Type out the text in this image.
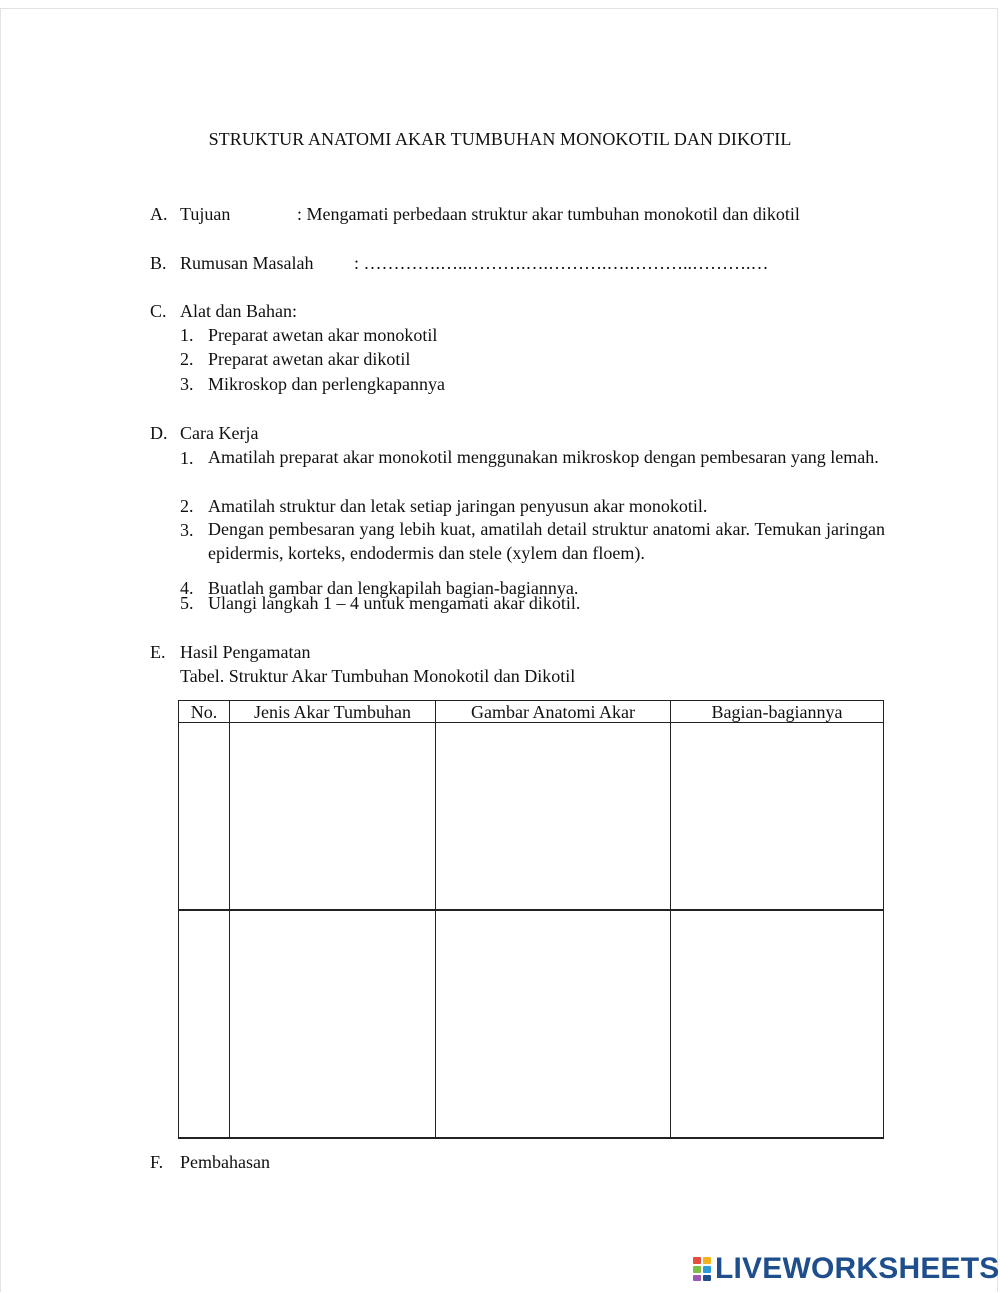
STRUKTUR ANATOMI AKAR TUMBUHAN MONOKOTIL DAN DIKOTIL
A. Tujuan	: Mengamati perbedaan struktur akar tumbuhan monokotil dan dikotil
B. Rumusan Masalah : ………….…..……….….……….….………..……….…
C. Alat dan Bahan:
1. Preparat awetan akar monokotil
2. Preparat awetan akar dikotil
3. Mikroskop dan perlengkapannya
D. Cara Kerja
1. Amatilah preparat akar monokotil menggunakan mikroskop dengan pembesaran yang lemah.
2. Amatilah struktur dan letak setiap jaringan penyusun akar monokotil.
3. Dengan pembesaran yang lebih kuat, amatilah detail struktur anatomi akar. Temukan jaringan epidermis, korteks, endodermis dan stele (xylem dan floem).
4. Buatlah gambar dan lengkapilah bagian-bagiannya.
5. Ulangi langkah 1 – 4 untuk mengamati akar dikotil.
E. Hasil Pengamatan
Tabel. Struktur Akar Tumbuhan Monokotil dan Dikotil
No.	Jenis Akar Tumbuhan	Gambar Anatomi Akar	Bagian-bagiannya

F. Pembahasan
LIVEWORKSHEETS
